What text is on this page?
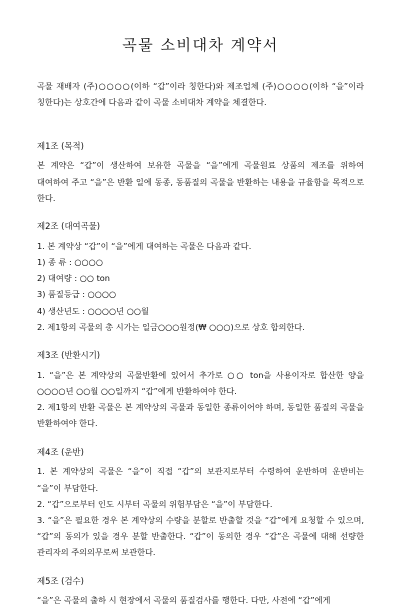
곡물 소비대차 계약서

곡물 재배자 (주)○○○○(이하 “갑”이라 칭한다)와 제조업체 (주)○○○○(이하 “을”이라 칭한다)는 상호간에 다음과 같이 곡물 소비대차 계약을 체결한다.

제1조 (목적)
본 계약은 “갑”이 생산하여 보유한 곡물을 “을”에게 곡물원료 상품의 제조를 위하여 대여하여 주고 “을”은 반환 일에 동종, 동품질의 곡물을 반환하는 내용을 규율함을 목적으로 한다.
제2조 (대여곡물)
1. 본 계약상 “갑”이 “을”에게 대여하는 곡물은 다음과 같다.
1) 종 류 : ○○○○
2) 대여량 : ○○ ton
3) 품질등급 : ○○○○
4) 생산년도 : ○○○○년 ○○월
2. 제1항의 곡물의 총 시가는 일금○○○원정(₩ ○○○)으로 상호 합의한다.
제3조 (반환시기)
1. “을”은 본 계약상의 곡물반환에 있어서 추가로 ○○ ton을 사용이자로 합산한 양을 ○○○○년 ○○월 ○○일까지 “갑”에게 반환하여야 한다.
2. 제1항의 반환 곡물은 본 계약상의 곡물과 동일한 종류이어야 하며, 동일한 품질의 곡물을 반환하여야 한다.
제4조 (운반)
1. 본 계약상의 곡물은 “을”이 직접 “갑”의 보관지로부터 수령하여 운반하며 운반비는 “을”이 부담한다.
2. “갑”으로부터 인도 시부터 곡물의 위험부담은 “을”이 부담한다.
3. “을”은 필요한 경우 본 계약상의 수량을 분할로 반출할 것을 “갑”에게 요청할 수 있으며, “갑”의 동의가 있을 경우 분할 반출한다. “갑”이 동의한 경우 “갑”은 곡물에 대해 선량한 관리자의 주의의무로써 보관한다.
제5조 (검수)
“을”은 곡물의 출하 시 현장에서 곡물의 품질검사를 행한다. 다만, 사전에 “갑”에게
